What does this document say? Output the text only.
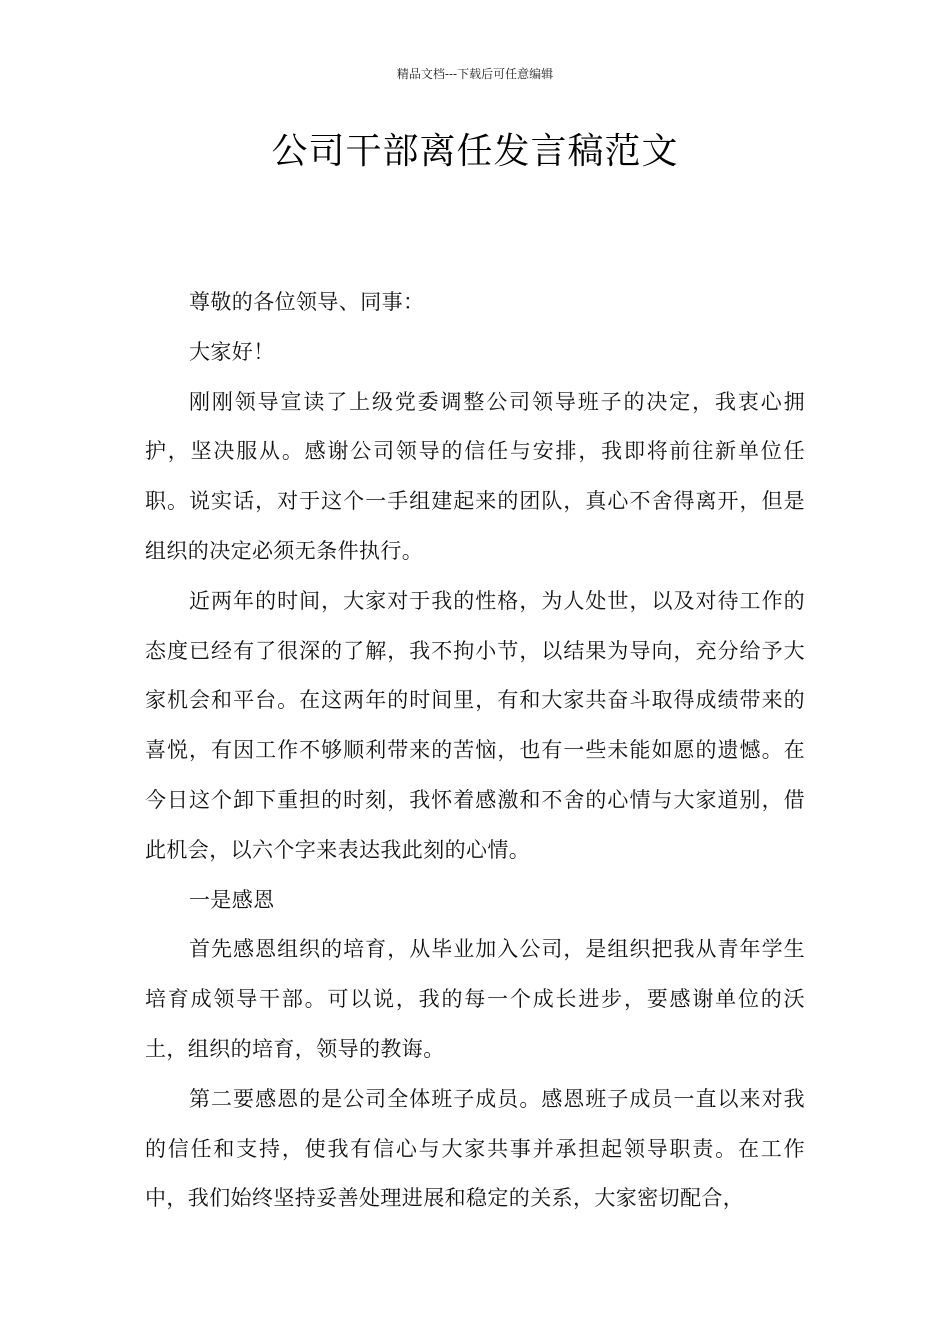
精品文档---下载后可任意编辑
公司干部离任发言稿范文

尊敬的各位领导、同事：

大家好！

刚刚领导宣读了上级党委调整公司领导班子的决定，我衷心拥护，坚决服从。感谢公司领导的信任与安排，我即将前往新单位任职。说实话，对于这个一手组建起来的团队，真心不舍得离开，但是组织的决定必须无条件执行。

近两年的时间，大家对于我的性格，为人处世，以及对待工作的态度已经有了很深的了解，我不拘小节，以结果为导向，充分给予大家机会和平台。在这两年的时间里，有和大家共奋斗取得成绩带来的喜悦，有因工作不够顺利带来的苦恼，也有一些未能如愿的遗憾。在今日这个卸下重担的时刻，我怀着感激和不舍的心情与大家道别，借此机会，以六个字来表达我此刻的心情。

一是感恩

首先感恩组织的培育，从毕业加入公司，是组织把我从青年学生培育成领导干部。可以说，我的每一个成长进步，要感谢单位的沃土，组织的培育，领导的教诲。

第二要感恩的是公司全体班子成员。感恩班子成员一直以来对我的信任和支持，使我有信心与大家共事并承担起领导职责。在工作中，我们始终坚持妥善处理进展和稳定的关系，大家密切配合，
